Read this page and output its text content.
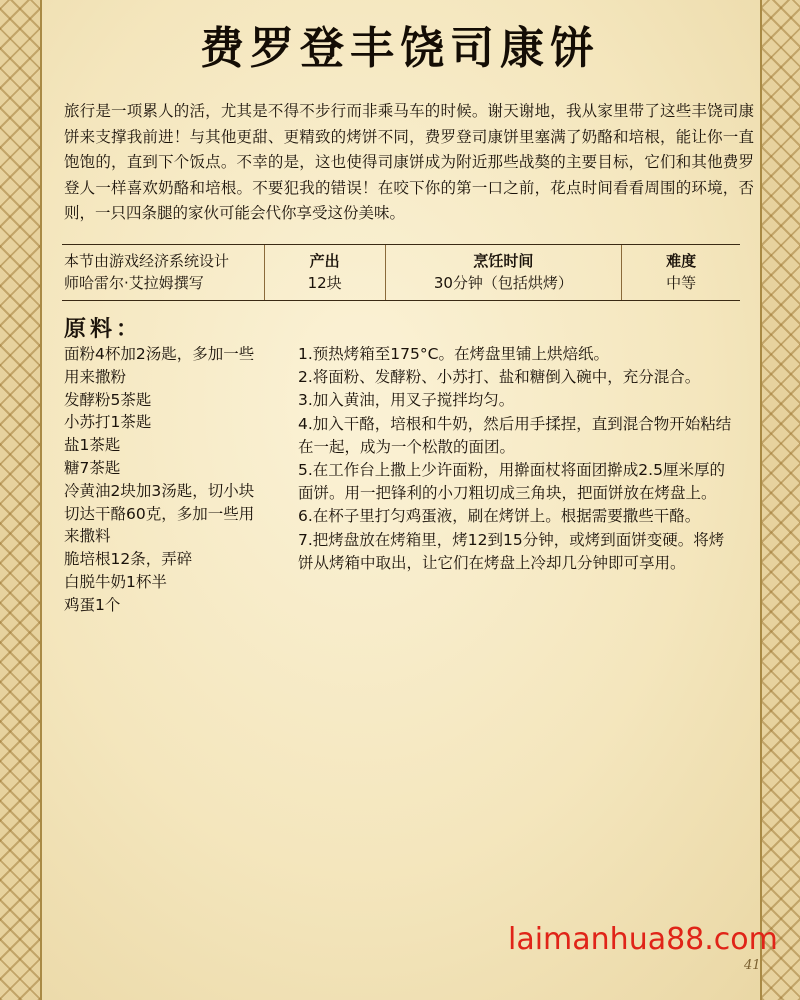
费罗登丰饶司康饼
旅行是一项累人的活，尤其是不得不步行而非乘马车的时候。谢天谢地，我从家里带了这些丰饶司康饼来支撑我前进！与其他更甜、更精致的烤饼不同，费罗登司康饼里塞满了奶酪和培根，能让你一直饱饱的，直到下个饭点。不幸的是，这也使得司康饼成为附近那些战獒的主要目标，它们和其他费罗登人一样喜欢奶酪和培根。不要犯我的错误！在咬下你的第一口之前，花点时间看看周围的环境，否则，一只四条腿的家伙可能会代你享受这份美味。
本节由游戏经济系统设计
师哈雷尔·艾拉姆撰写
产出
12块
烹饪时间
30分钟（包括烘烤）
难度
中等
原料：
面粉4杯加2汤匙，多加一些用来撒粉
发酵粉5茶匙
小苏打1茶匙
盐1茶匙
糖7茶匙
冷黄油2块加3汤匙，切小块
切达干酪60克，多加一些用来撒料
脆培根12条，弄碎
白脱牛奶1杯半
鸡蛋1个
1.预热烤箱至175°C。在烤盘里铺上烘焙纸。
2.将面粉、发酵粉、小苏打、盐和糖倒入碗中，充分混合。
3.加入黄油，用叉子搅拌均匀。
4.加入干酪，培根和牛奶，然后用手揉捏，直到混合物开始粘结在一起，成为一个松散的面团。
5.在工作台上撒上少许面粉，用擀面杖将面团擀成2.5厘米厚的面饼。用一把锋利的小刀粗切成三角块，把面饼放在烤盘上。
6.在杯子里打匀鸡蛋液，刷在烤饼上。根据需要撒些干酪。
7.把烤盘放在烤箱里，烤12到15分钟，或烤到面饼变硬。将烤饼从烤箱中取出，让它们在烤盘上冷却几分钟即可享用。
laimanhua88.com
41
